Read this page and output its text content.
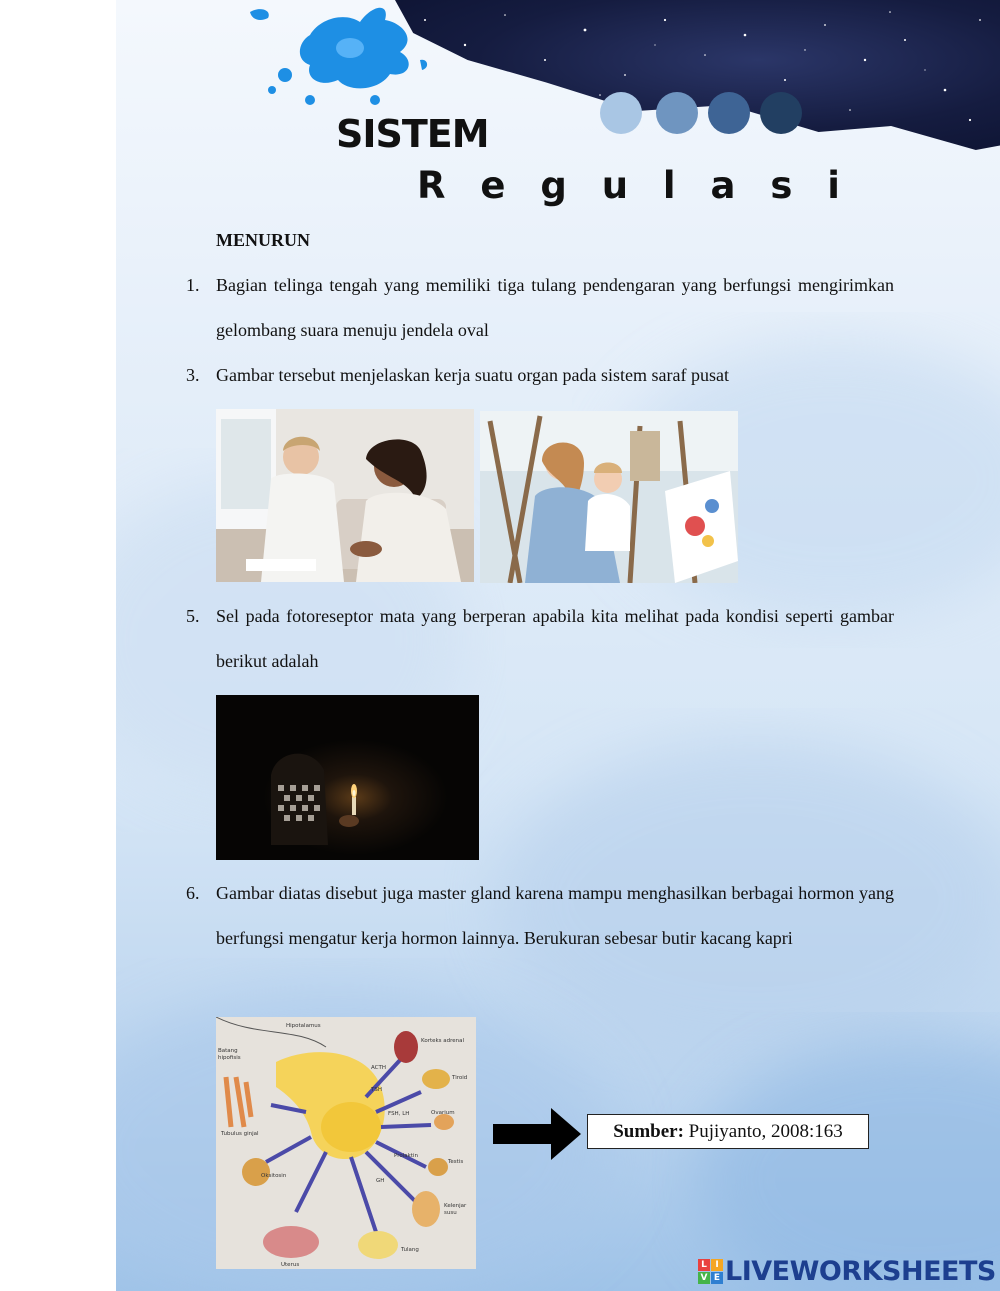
SISTEM
R e g u l a s i
MENURUN
1. Bagian telinga tengah yang memiliki tiga tulang pendengaran yang berfungsi mengirimkan gelombang suara menuju jendela oval
3. Gambar tersebut menjelaskan kerja suatu organ pada sistem saraf pusat
5. Sel pada fotoreseptor mata yang berperan apabila kita melihat pada kondisi seperti gambar berikut adalah
6. Gambar diatas disebut juga master gland karena mampu menghasilkan berbagai hormon yang berfungsi mengatur kerja hormon lainnya. Berukuran sebesar butir kacang kapri
Hipotalamus
Batang
hipofisis
Korteks adrenal
ACTH
Tiroid
TSH
FSH, LH	Ovarium
Tubulus ginjal
Prolaktin
Testis
Oksitosin
GH
Kelenjar
susu
Tulang
Uterus
Sumber: Pujiyanto, 2008:163
L I
V E LIVEWORKSHEETS
